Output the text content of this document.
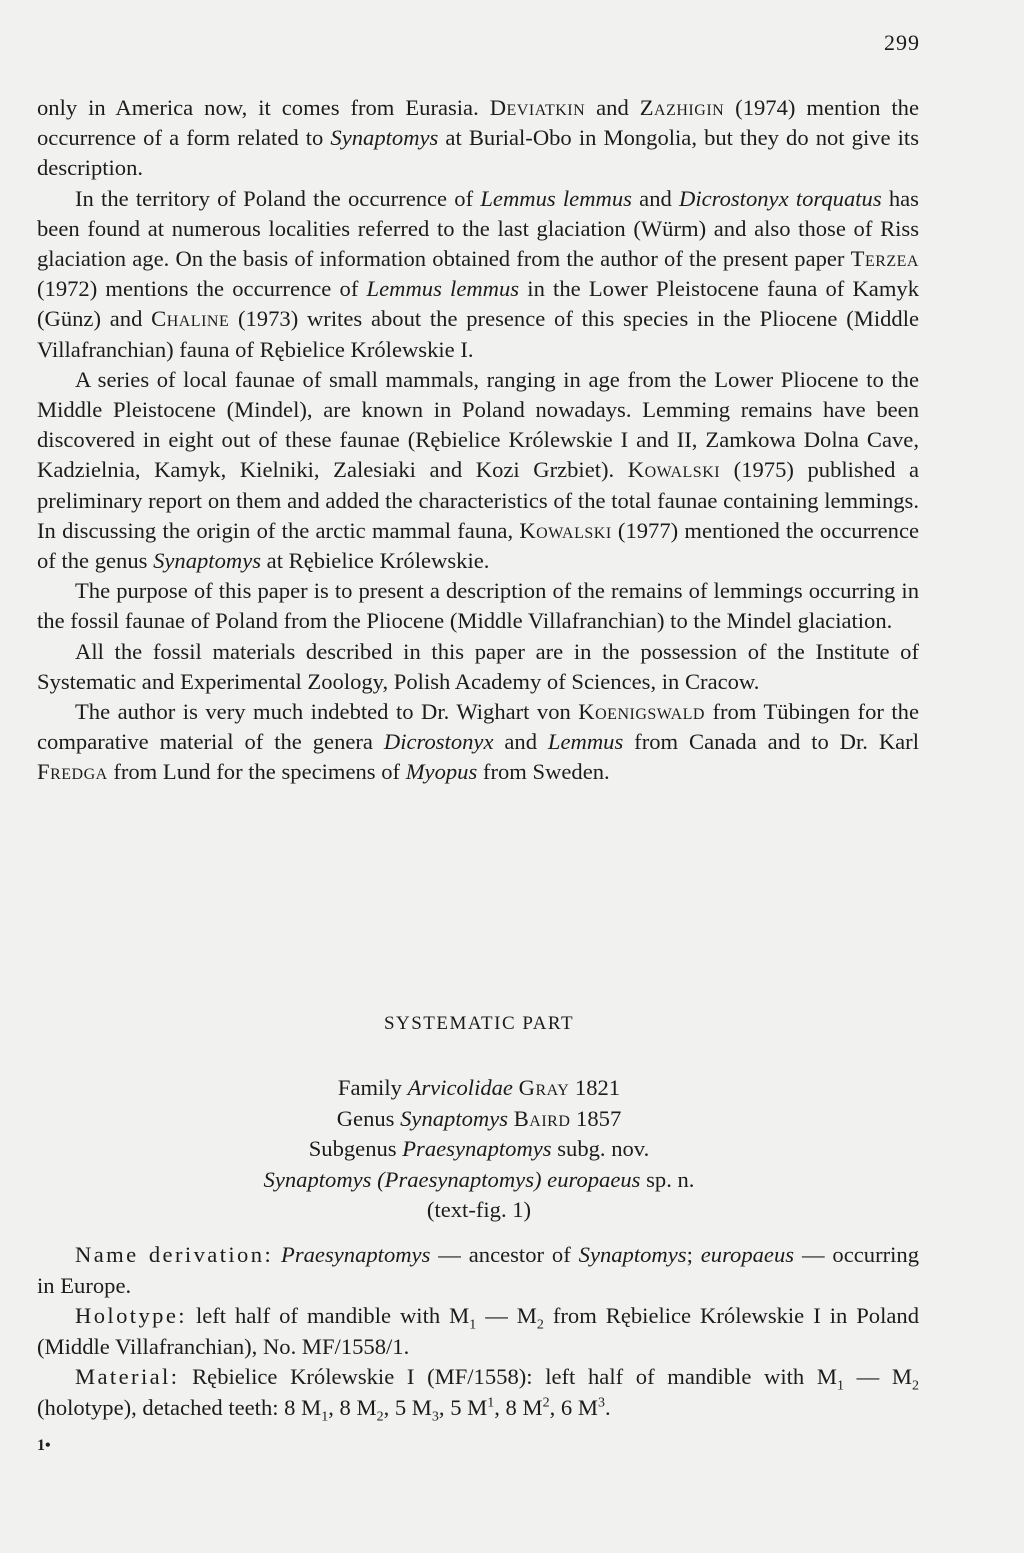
299

only in America now, it comes from Eurasia. Deviatkin and Zazhigin (1974) mention the occurrence of a form related to Synaptomys at Burial-Obo in Mongolia, but they do not give its description.

In the territory of Poland the occurrence of Lemmus lemmus and Dicrostonyx torquatus has been found at numerous localities referred to the last glaciation (Würm) and also those of Riss glaciation age. On the basis of information obtained from the author of the present paper Terzea (1972) mentions the occurrence of Lemmus lemmus in the Lower Pleistocene fauna of Kamyk (Günz) and Chaline (1973) writes about the presence of this species in the Pliocene (Middle Villafranchian) fauna of Rębielice Królewskie I.

A series of local faunae of small mammals, ranging in age from the Lower Pliocene to the Middle Pleistocene (Mindel), are known in Poland nowadays. Lemming remains have been discovered in eight out of these faunae (Rębielice Królewskie I and II, Zamkowa Dolna Cave, Kadzielnia, Kamyk, Kielniki, Zalesiaki and Kozi Grzbiet). Kowalski (1975) published a preliminary report on them and added the characteristics of the total faunae containing lemmings. In discussing the origin of the arctic mammal fauna, Kowalski (1977) mentioned the occurrence of the genus Synaptomys at Rębielice Królewskie.

The purpose of this paper is to present a description of the remains of lemmings occurring in the fossil faunae of Poland from the Pliocene (Middle Villafranchian) to the Mindel glaciation.

All the fossil materials described in this paper are in the possession of the Institute of Systematic and Experimental Zoology, Polish Academy of Sciences, in Cracow.

The author is very much indebted to Dr. Wighart von Koenigswald from Tübingen for the comparative material of the genera Dicrostonyx and Lemmus from Canada and to Dr. Karl Fredga from Lund for the specimens of Myopus from Sweden.

SYSTEMATIC PART
Family Arvicolidae Gray 1821
Genus Synaptomys Baird 1857
Subgenus Praesynaptomys subg. nov.
Synaptomys (Praesynaptomys) europaeus sp. n.
(text-fig. 1)

Name derivation: Praesynaptomys — ancestor of Synaptomys; europaeus — occurring in Europe.

Holotype: left half of mandible with $M_1$ — $M_2$ from Rębielice Królewskie I in Poland (Middle Villafranchian), No. MF/1558/1.

Material: Rębielice Królewskie I (MF/1558): left half of mandible with $M_1$ — $M_2$ (holotype), detached teeth: 8 $M_1$, 8 $M_2$, 5 $M_3$, 5 $M^1$, 8 $M^2$, 6 $M^3$.

1•
